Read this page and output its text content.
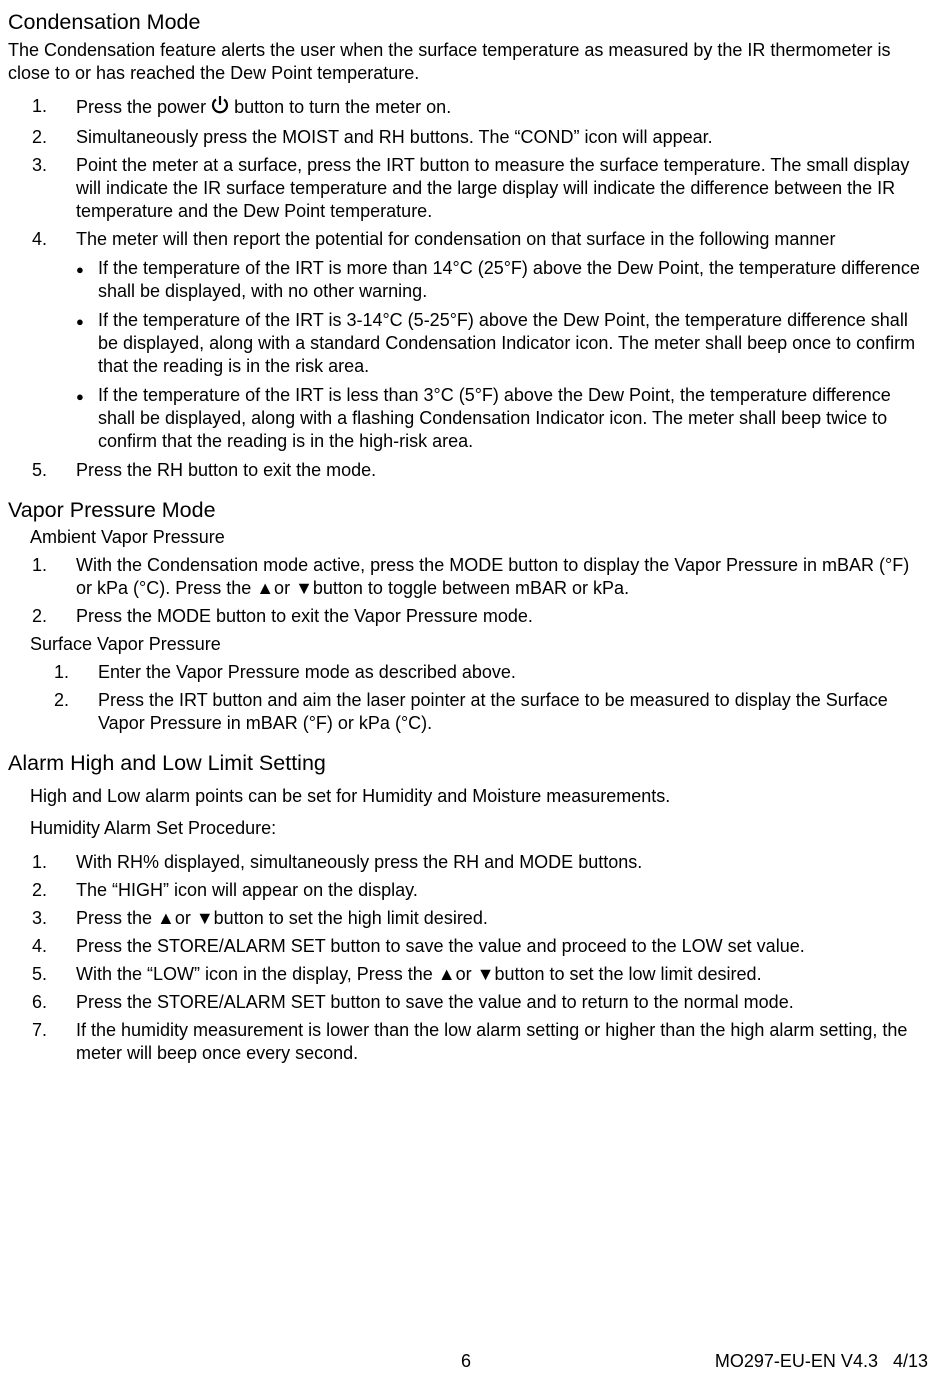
Condensation Mode

The Condensation feature alerts the user when the surface temperature as measured by the IR thermometer is close to or has reached the Dew Point temperature.

1.	Press the power button to turn the meter on.
2.	Simultaneously press the MOIST and RH buttons. The “COND” icon will appear.
3.	Point the meter at a surface, press the IRT button to measure the surface temperature. The small display will indicate the IR surface temperature and the large display will indicate the difference between the IR temperature and the Dew Point temperature.
4.	The meter will then report the potential for condensation on that surface in the following manner
● If the temperature of the IRT is more than 14°C (25°F) above the Dew Point, the temperature difference shall be displayed, with no other warning.
● If the temperature of the IRT is 3-14°C (5-25°F) above the Dew Point, the temperature difference shall be displayed, along with a standard Condensation Indicator icon. The meter shall beep once to confirm that the reading is in the risk area.
● If the temperature of the IRT is less than 3°C (5°F) above the Dew Point, the temperature difference shall be displayed, along with a flashing Condensation Indicator icon. The meter shall beep twice to confirm that the reading is in the high-risk area.
5.	Press the RH button to exit the mode.
Vapor Pressure Mode

Ambient Vapor Pressure

1.	With the Condensation mode active, press the MODE button to display the Vapor Pressure in mBAR (°F) or kPa (°C). Press the ▲or ▼button to toggle between mBAR or kPa.
2.	Press the MODE button to exit the Vapor Pressure mode.

Surface Vapor Pressure

1.	Enter the Vapor Pressure mode as described above.
2.	Press the IRT button and aim the laser pointer at the surface to be measured to display the Surface Vapor Pressure in mBAR (°F) or kPa (°C).
Alarm High and Low Limit Setting

High and Low alarm points can be set for Humidity and Moisture measurements.

Humidity Alarm Set Procedure:

1.	With RH% displayed, simultaneously press the RH and MODE buttons.
2.	The “HIGH” icon will appear on the display.
3.	Press the ▲or ▼button to set the high limit desired.
4.	Press the STORE/ALARM SET button to save the value and proceed to the LOW set value.
5.	With the “LOW” icon in the display, Press the ▲or ▼button to set the low limit desired.
6.	Press the STORE/ALARM SET button to save the value and to return to the normal mode.
7.	If the humidity measurement is lower than the low alarm setting or higher than the high alarm setting, the meter will beep once every second.
6	MO297-EU-EN V4.3   4/13
